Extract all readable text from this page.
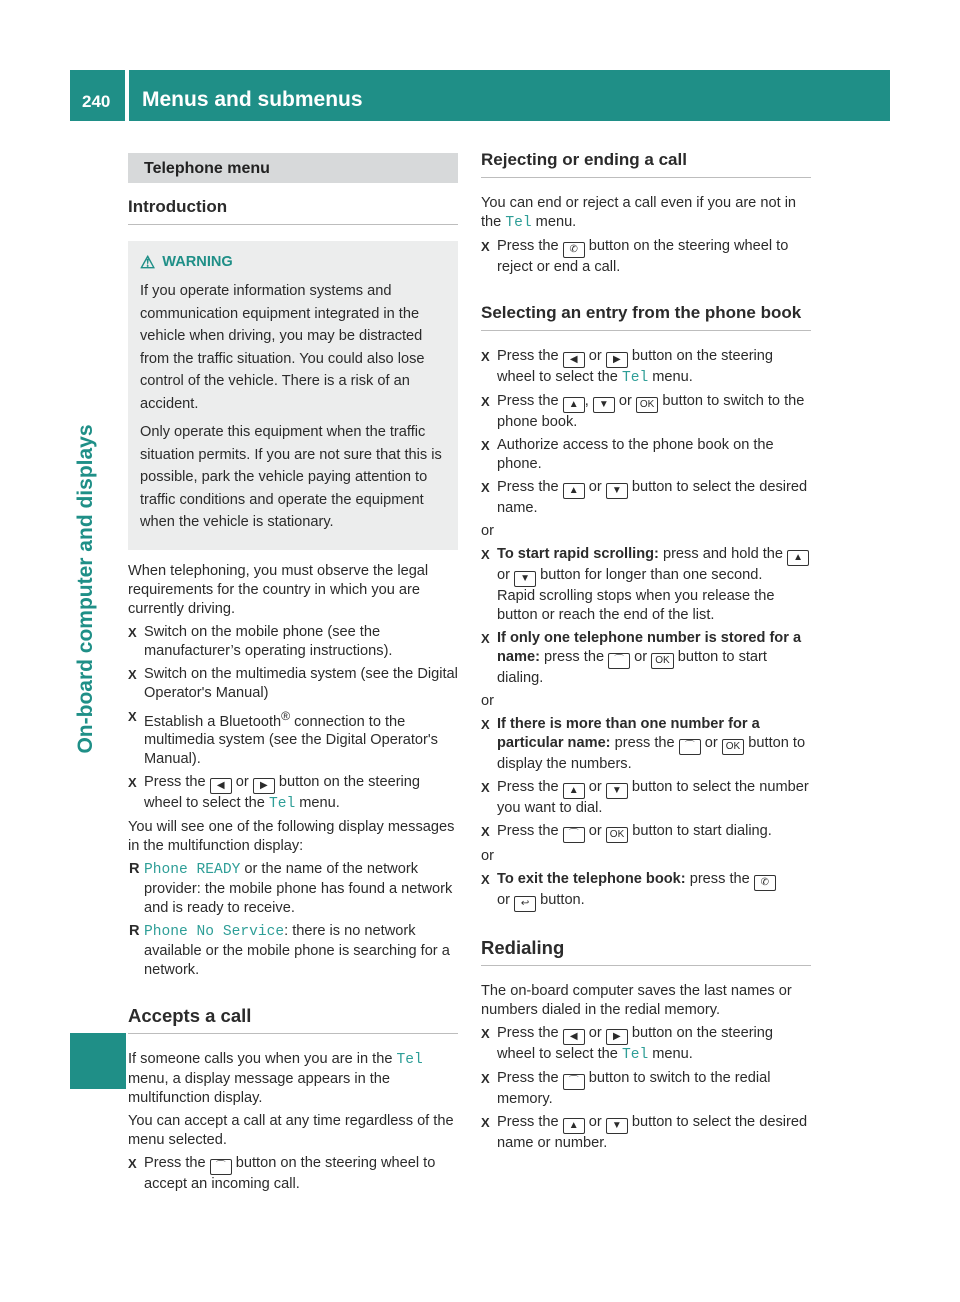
240 Menus and submenus
On-board computer and displays
Telephone menu
Introduction
⚠ WARNING

If you operate information systems and communication equipment integrated in the vehicle when driving, you may be distracted from the traffic situation. You could also lose control of the vehicle. There is a risk of an accident.

Only operate this equipment when the traffic situation permits. If you are not sure that this is possible, park the vehicle paying attention to traffic conditions and operate the equipment when the vehicle is stationary.

When telephoning, you must observe the legal requirements for the country in which you are currently driving.

X Switch on the mobile phone (see the manufacturer’s operating instructions).
X Switch on the multimedia system (see the Digital Operator's Manual)
X Establish a Bluetooth® connection to the multimedia system (see the Digital Operator's Manual).
X Press the ◀ or ▶ button on the steering wheel to select the Tel menu.

You will see one of the following display messages in the multifunction display:

R Phone READY or the name of the network provider: the mobile phone has found a network and is ready to receive.
R Phone No Service: there is no network available or the mobile phone is searching for a network.
Accepts a call

If someone calls you when you are in the Tel menu, a display message appears in the multifunction display.

You can accept a call at any time regardless of the menu selected.

X Press the ⌒ button on the steering wheel to accept an incoming call.
Rejecting or ending a call

You can end or reject a call even if you are not in the Tel menu.

X Press the ✆ button on the steering wheel to reject or end a call.
Selecting an entry from the phone book
X Press the ◀ or ▶ button on the steering wheel to select the Tel menu.
X Press the ▲ , ▼ or OK button to switch to the phone book.
X Authorize access to the phone book on the phone.
X Press the ▲ or ▼ button to select the desired name.

or

X To start rapid scrolling: press and hold the ▲ or ▼ button for longer than one second.
Rapid scrolling stops when you release the button or reach the end of the list.
X If only one telephone number is stored for a name: press the ⌒ or OK button to start dialing.

or

X If there is more than one number for a particular name: press the ⌒ or OK button to display the numbers.
X Press the ▲ or ▼ button to select the number you want to dial.
X Press the ⌒ or OK button to start dialing.

or

X To exit the telephone book: press the ✆
or ↩ button.
Redialing

The on-board computer saves the last names or numbers dialed in the redial memory.

X Press the ◀ or ▶ button on the steering wheel to select the Tel menu.
X Press the ⌒ button to switch to the redial memory.
X Press the ▲ or ▼ button to select the desired name or number.
